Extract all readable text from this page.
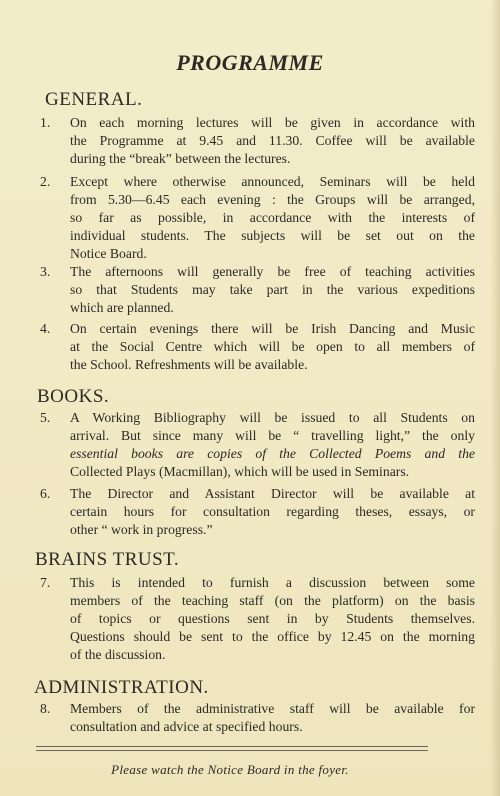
PROGRAMME
GENERAL.
1.	On each morning lectures will be given in accordance with
the Programme at 9.45 and 11.30. Coffee will be available
during the “break” between the lectures.
2.	Except where otherwise announced, Seminars will be held
from 5.30—6.45 each evening : the Groups will be arranged,
so far as possible, in accordance with the interests of
individual students. The subjects will be set out on the
Notice Board.
3.	The afternoons will generally be free of teaching activities
so that Students may take part in the various expeditions
which are planned.
4.	On certain evenings there will be Irish Dancing and Music
at the Social Centre which will be open to all members of
the School. Refreshments will be available.
BOOKS.
5.	A Working Bibliography will be issued to all Students on
arrival. But since many will be “ travelling light,” the only
essential books are copies of the Collected Poems and the
Collected Plays (Macmillan), which will be used in Seminars.
6.	The Director and Assistant Director will be available at
certain hours for consultation regarding theses, essays, or
other “ work in progress.”
BRAINS TRUST.
7.	This is intended to furnish a discussion between some
members of the teaching staff (on the platform) on the basis
of topics or questions sent in by Students themselves.
Questions should be sent to the office by 12.45 on the morning
of the discussion.
ADMINISTRATION.
8.	Members of the administrative staff will be available for
consultation and advice at specified hours.
Please watch the Notice Board in the foyer.
